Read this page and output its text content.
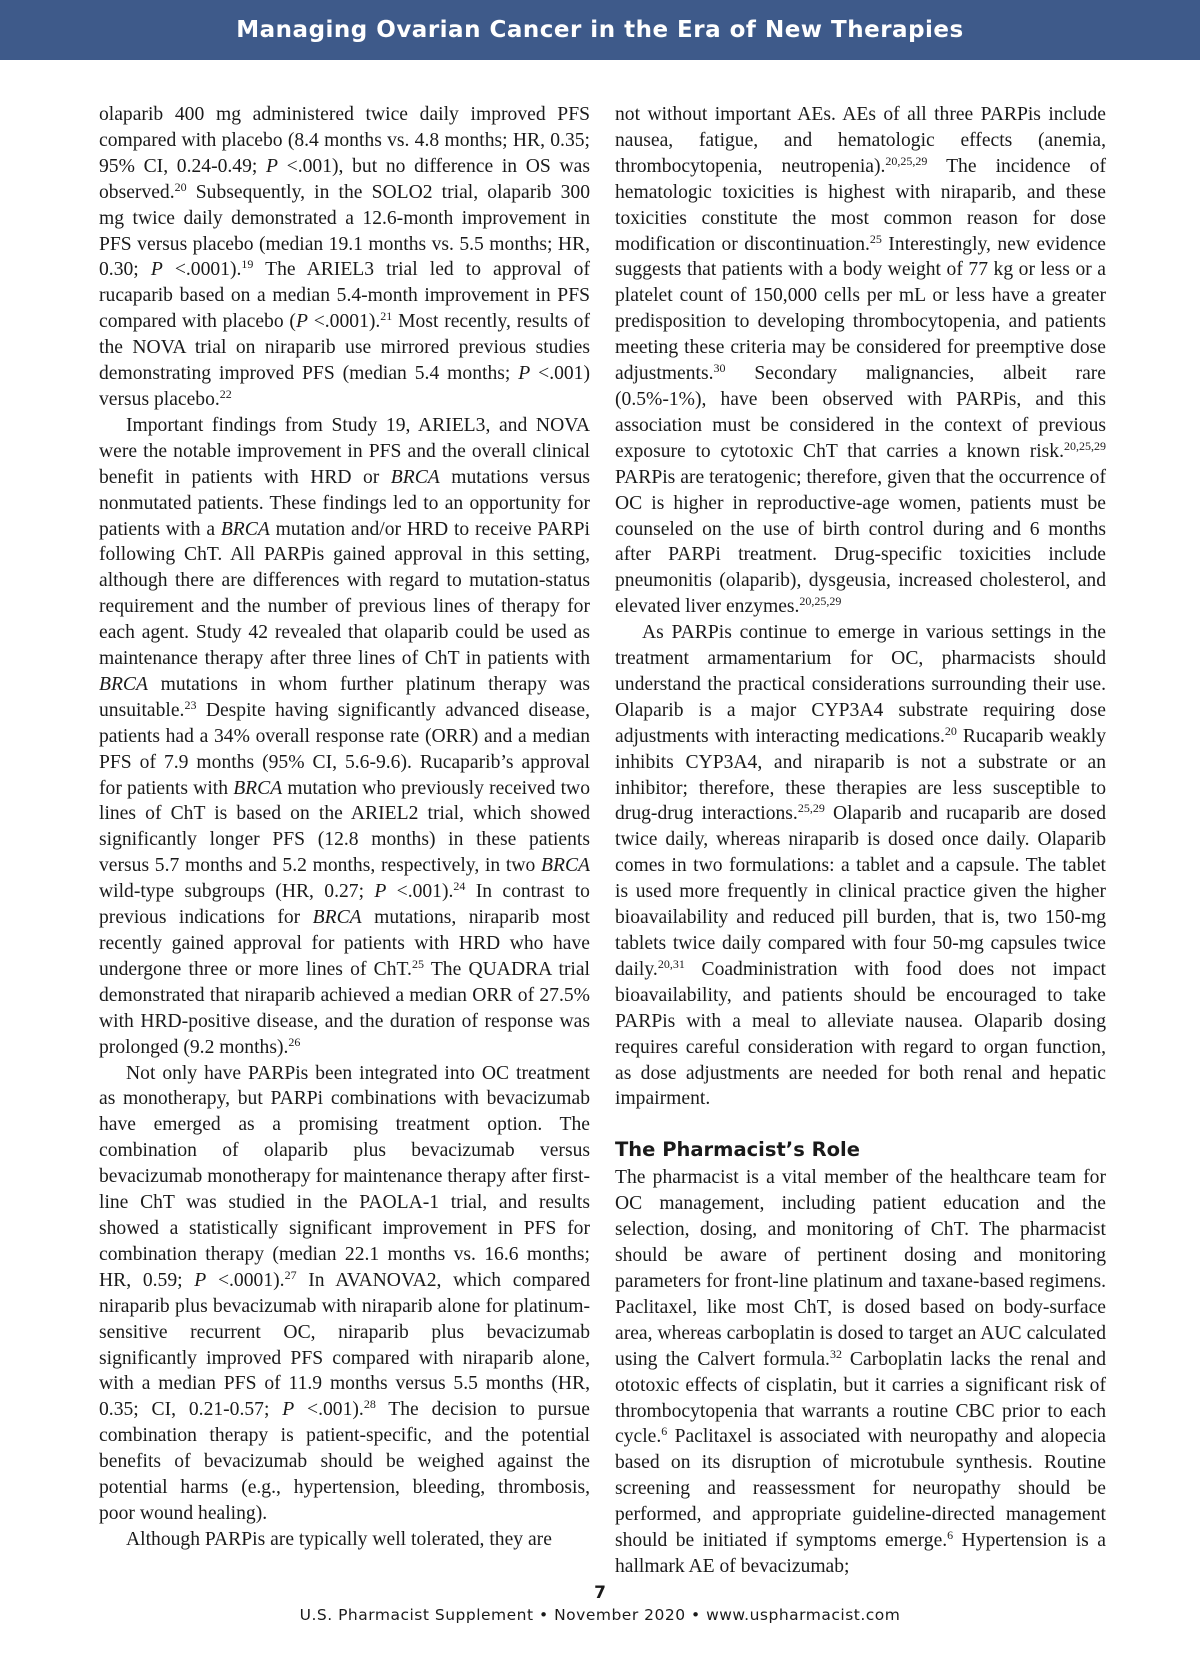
Managing Ovarian Cancer in the Era of New Therapies

olaparib 400 mg administered twice daily improved PFS compared with placebo (8.4 months vs. 4.8 months; HR, 0.35; 95% CI, 0.24-0.49; P <.001), but no difference in OS was observed.$^{20}$ Subsequently, in the SOLO2 trial, olaparib 300 mg twice daily demonstrated a 12.6-month improvement in PFS versus placebo (median 19.1 months vs. 5.5 months; HR, 0.30; P <.0001).$^{19}$ The ARIEL3 trial led to approval of rucaparib based on a median 5.4-month improvement in PFS compared with placebo (P <.0001).$^{21}$ Most recently, results of the NOVA trial on niraparib use mirrored previous studies demonstrating improved PFS (median 5.4 months; P <.001) versus placebo.$^{22}$

Important findings from Study 19, ARIEL3, and NOVA were the notable improvement in PFS and the overall clinical benefit in patients with HRD or BRCA mutations versus nonmutated patients. These findings led to an opportunity for patients with a BRCA mutation and/or HRD to receive PARPi following ChT. All PARPis gained approval in this setting, although there are differences with regard to mutation-status requirement and the number of previous lines of therapy for each agent. Study 42 revealed that olaparib could be used as maintenance therapy after three lines of ChT in patients with BRCA mutations in whom further platinum therapy was unsuitable.$^{23}$ Despite having significantly advanced disease, patients had a 34% overall response rate (ORR) and a median PFS of 7.9 months (95% CI, 5.6-9.6). Rucaparib’s approval for patients with BRCA mutation who previously received two lines of ChT is based on the ARIEL2 trial, which showed significantly longer PFS (12.8 months) in these patients versus 5.7 months and 5.2 months, respectively, in two BRCA wild-type subgroups (HR, 0.27; P <.001).$^{24}$ In contrast to previous indications for BRCA mutations, niraparib most recently gained approval for patients with HRD who have undergone three or more lines of ChT.$^{25}$ The QUADRA trial demonstrated that niraparib achieved a median ORR of 27.5% with HRD-positive disease, and the duration of response was prolonged (9.2 months).$^{26}$

Not only have PARPis been integrated into OC treatment as monotherapy, but PARPi combinations with bevacizumab have emerged as a promising treatment option. The combination of olaparib plus bevacizumab versus bevacizumab monotherapy for maintenance therapy after first-line ChT was studied in the PAOLA-1 trial, and results showed a statistically significant improvement in PFS for combination therapy (median 22.1 months vs. 16.6 months; HR, 0.59; P <.0001).$^{27}$ In AVANOVA2, which compared niraparib plus bevacizumab with niraparib alone for platinum-sensitive recurrent OC, niraparib plus bevacizumab significantly improved PFS compared with niraparib alone, with a median PFS of 11.9 months versus 5.5 months (HR, 0.35; CI, 0.21-0.57; P <.001).$^{28}$ The decision to pursue combination therapy is patient-specific, and the potential benefits of bevacizumab should be weighed against the potential harms (e.g., hypertension, bleeding, thrombosis, poor wound healing).

Although PARPis are typically well tolerated, they are

not without important AEs. AEs of all three PARPis include nausea, fatigue, and hematologic effects (anemia, thrombocytopenia, neutropenia).$^{20,25,29}$ The incidence of hematologic toxicities is highest with niraparib, and these toxicities constitute the most common reason for dose modification or discontinuation.$^{25}$ Interestingly, new evidence suggests that patients with a body weight of 77 kg or less or a platelet count of 150,000 cells per mL or less have a greater predisposition to developing thrombocytopenia, and patients meeting these criteria may be considered for preemptive dose adjustments.$^{30}$ Secondary malignancies, albeit rare (0.5%-1%), have been observed with PARPis, and this association must be considered in the context of previous exposure to cytotoxic ChT that carries a known risk.$^{20,25,29}$ PARPis are teratogenic; therefore, given that the occurrence of OC is higher in reproductive-age women, patients must be counseled on the use of birth control during and 6 months after PARPi treatment. Drug-specific toxicities include pneumonitis (olaparib), dysgeusia, increased cholesterol, and elevated liver enzymes.$^{20,25,29}$

As PARPis continue to emerge in various settings in the treatment armamentarium for OC, pharmacists should understand the practical considerations surrounding their use. Olaparib is a major CYP3A4 substrate requiring dose adjustments with interacting medications.$^{20}$ Rucaparib weakly inhibits CYP3A4, and niraparib is not a substrate or an inhibitor; therefore, these therapies are less susceptible to drug-drug interactions.$^{25,29}$ Olaparib and rucaparib are dosed twice daily, whereas niraparib is dosed once daily. Olaparib comes in two formulations: a tablet and a capsule. The tablet is used more frequently in clinical practice given the higher bioavailability and reduced pill burden, that is, two 150-mg tablets twice daily compared with four 50-mg capsules twice daily.$^{20,31}$ Coadministration with food does not impact bioavailability, and patients should be encouraged to take PARPis with a meal to alleviate nausea. Olaparib dosing requires careful consideration with regard to organ function, as dose adjustments are needed for both renal and hepatic impairment.

The Pharmacist’s Role

The pharmacist is a vital member of the healthcare team for OC management, including patient education and the selection, dosing, and monitoring of ChT. The pharmacist should be aware of pertinent dosing and monitoring parameters for front-line platinum and taxane-based regimens. Paclitaxel, like most ChT, is dosed based on body-surface area, whereas carboplatin is dosed to target an AUC calculated using the Calvert formula.$^{32}$ Carboplatin lacks the renal and ototoxic effects of cisplatin, but it carries a significant risk of thrombocytopenia that warrants a routine CBC prior to each cycle.$^6$ Paclitaxel is associated with neuropathy and alopecia based on its disruption of microtubule synthesis. Routine screening and reassessment for neuropathy should be performed, and appropriate guideline-directed management should be initiated if symptoms emerge.$^6$ Hypertension is a hallmark AE of bevacizumab;

7
U.S. Pharmacist Supplement • November 2020 • www.uspharmacist.com
